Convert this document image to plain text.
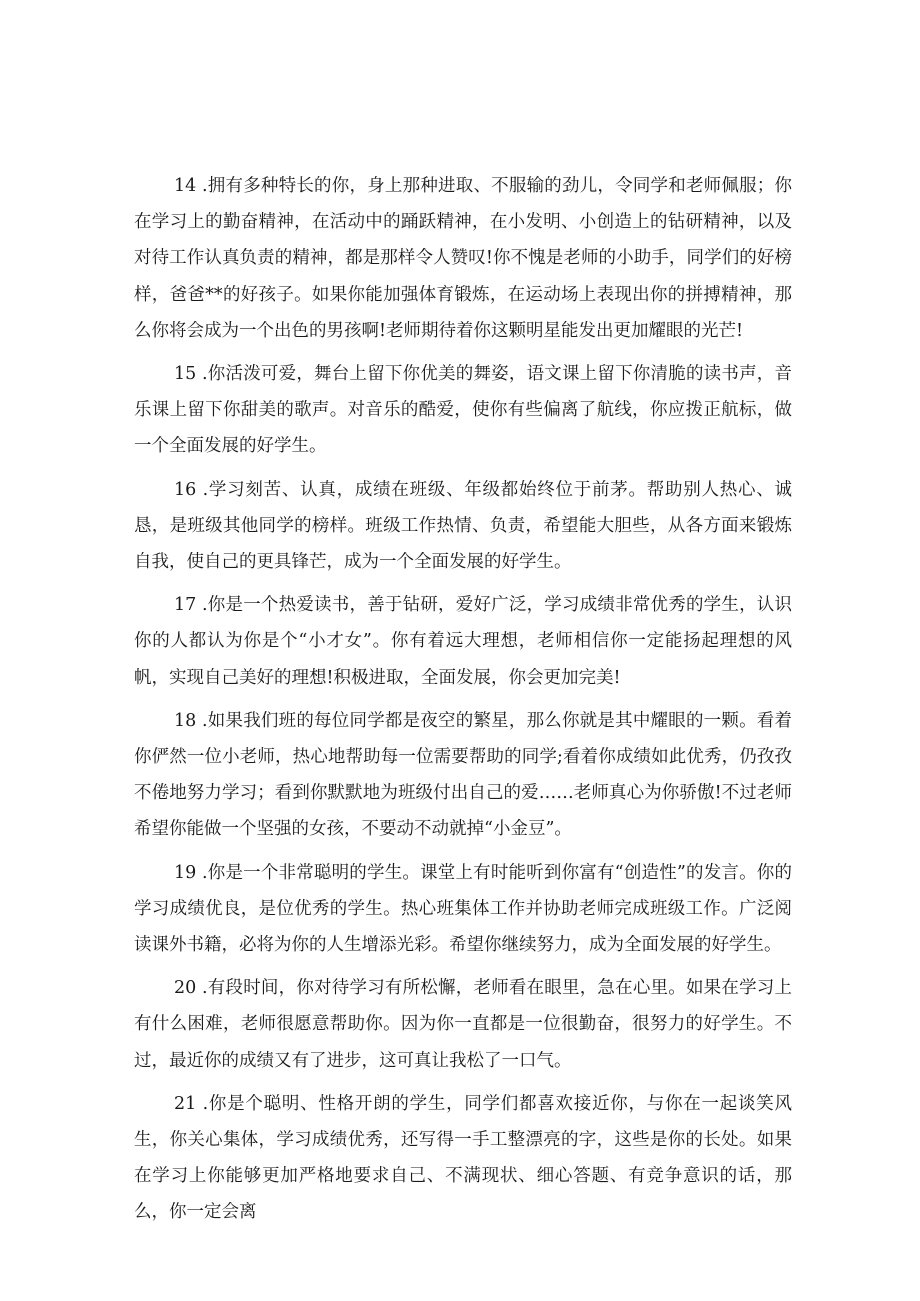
14 .拥有多种特长的你，身上那种进取、不服输的劲儿，令同学和老师佩服；你在学习上的勤奋精神，在活动中的踊跃精神，在小发明、小创造上的钻研精神，以及对待工作认真负责的精神，都是那样令人赞叹!你不愧是老师的小助手，同学们的好榜样，爸爸**的好孩子。如果你能加强体育锻炼，在运动场上表现出你的拼搏精神，那么你将会成为一个出色的男孩啊!老师期待着你这颗明星能发出更加耀眼的光芒!

15 .你活泼可爱，舞台上留下你优美的舞姿，语文课上留下你清脆的读书声，音乐课上留下你甜美的歌声。对音乐的酷爱，使你有些偏离了航线，你应拨正航标，做一个全面发展的好学生。

16 .学习刻苦、认真，成绩在班级、年级都始终位于前茅。帮助别人热心、诚恳，是班级其他同学的榜样。班级工作热情、负责，希望能大胆些，从各方面来锻炼自我，使自己的更具锋芒，成为一个全面发展的好学生。

17 .你是一个热爱读书，善于钻研，爱好广泛，学习成绩非常优秀的学生，认识你的人都认为你是个“小才女”。你有着远大理想，老师相信你一定能扬起理想的风帆，实现自己美好的理想!积极进取，全面发展，你会更加完美!

18 .如果我们班的每位同学都是夜空的繁星，那么你就是其中耀眼的一颗。看着你俨然一位小老师，热心地帮助每一位需要帮助的同学;看着你成绩如此优秀，仍孜孜不倦地努力学习；看到你默默地为班级付出自己的爱……老师真心为你骄傲!不过老师希望你能做一个坚强的女孩，不要动不动就掉“小金豆”。

19 .你是一个非常聪明的学生。课堂上有时能听到你富有“创造性”的发言。你的学习成绩优良，是位优秀的学生。热心班集体工作并协助老师完成班级工作。广泛阅读课外书籍，必将为你的人生增添光彩。希望你继续努力，成为全面发展的好学生。

20 .有段时间，你对待学习有所松懈，老师看在眼里，急在心里。如果在学习上有什么困难，老师很愿意帮助你。因为你一直都是一位很勤奋，很努力的好学生。不过，最近你的成绩又有了进步，这可真让我松了一口气。

21 .你是个聪明、性格开朗的学生，同学们都喜欢接近你，与你在一起谈笑风生，你关心集体，学习成绩优秀，还写得一手工整漂亮的字，这些是你的长处。如果在学习上你能够更加严格地要求自己、不满现状、细心答题、有竞争意识的话，那么，你一定会离
